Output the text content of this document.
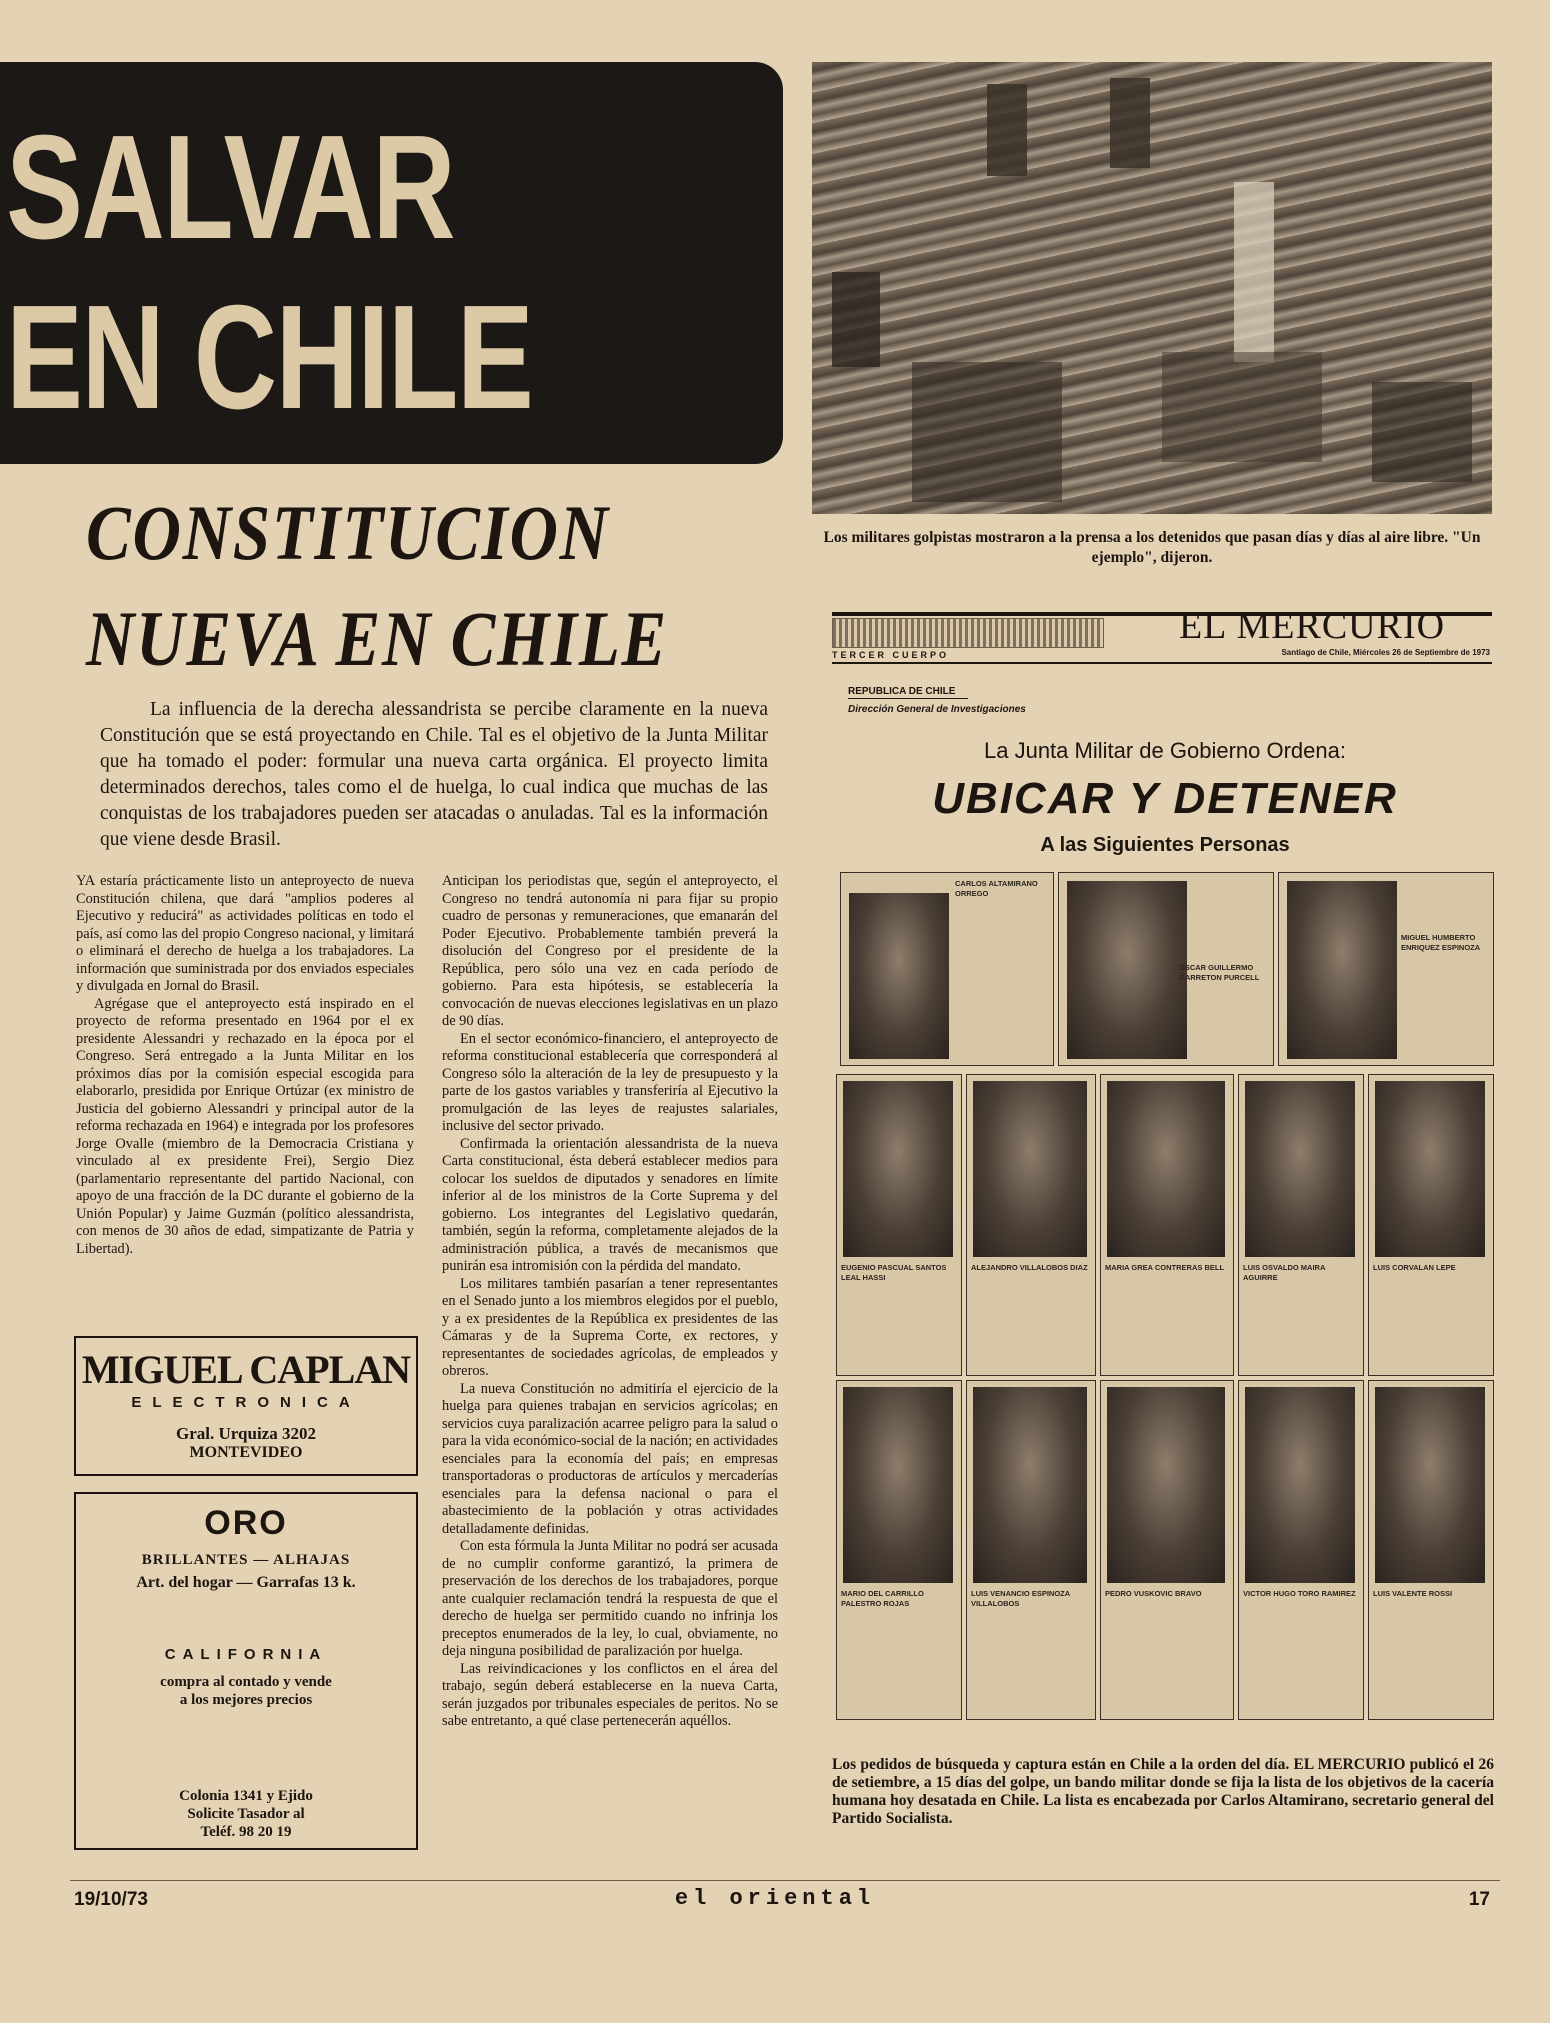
SALVAR
EN CHILE
CONSTITUCION
NUEVA EN CHILE
La influencia de la derecha alessandrista se percibe claramente en la nueva Constitución que se está proyectando en Chile. Tal es el objetivo de la Junta Militar que ha tomado el poder: formular una nueva carta orgánica. El proyecto limita determinados derechos, tales como el de huelga, lo cual indica que muchas de las conquistas de los trabajadores pueden ser atacadas o anuladas. Tal es la información que viene desde Brasil.

YA estaría prácticamente listo un anteproyecto de nueva Constitución chilena, que dará "amplios poderes al Ejecutivo y reducirá" as actividades políticas en todo el país, así como las del propio Congreso nacional, y limitará o eliminará el derecho de huelga a los trabajadores. La información que suministrada por dos enviados especiales y divulgada en Jornal do Brasil.

Agrégase que el anteproyecto está inspirado en el proyecto de reforma presentado en 1964 por el ex presidente Alessandri y rechazado en la época por el Congreso. Será entregado a la Junta Militar en los próximos días por la comisión especial escogida para elaborarlo, presidida por Enrique Ortúzar (ex ministro de Justicia del gobierno Alessandri y principal autor de la reforma rechazada en 1964) e integrada por los profesores Jorge Ovalle (miembro de la Democracia Cristiana y vinculado al ex presidente Frei), Sergio Diez (parlamentario representante del partido Nacional, con apoyo de una fracción de la DC durante el gobierno de la Unión Popular) y Jaime Guzmán (político alessandrista, con menos de 30 años de edad, simpatizante de Patria y Libertad).

Anticipan los periodistas que, según el anteproyecto, el Congreso no tendrá autonomía ni para fijar su propio cuadro de personas y remuneraciones, que emanarán del Poder Ejecutivo. Probablemente también preverá la disolución del Congreso por el presidente de la República, pero sólo una vez en cada período de gobierno. Para esta hipótesis, se establecería la convocación de nuevas elecciones legislativas en un plazo de 90 días.

En el sector económico-financiero, el anteproyecto de reforma constitucional establecería que corresponderá al Congreso sólo la alteración de la ley de presupuesto y la parte de los gastos variables y transferiría al Ejecutivo la promulgación de las leyes de reajustes salariales, inclusive del sector privado.

Confirmada la orientación alessandrista de la nueva Carta constitucional, ésta deberá establecer medios para colocar los sueldos de diputados y senadores en límite inferior al de los ministros de la Corte Suprema y del gobierno. Los integrantes del Legislativo quedarán, también, según la reforma, completamente alejados de la administración pública, a través de mecanismos que punirán esa intromisión con la pérdida del mandato.

Los militares también pasarían a tener representantes en el Senado junto a los miembros elegidos por el pueblo, y a ex presidentes de la República ex presidentes de las Cámaras y de la Suprema Corte, ex rectores, y representantes de sociedades agrícolas, de empleados y obreros.

La nueva Constitución no admitiría el ejercicio de la huelga para quienes trabajan en servicios agrícolas; en servicios cuya paralización acarree peligro para la salud o para la vida económico-social de la nación; en actividades esenciales para la economía del país; en empresas transportadoras o productoras de artículos y mercaderías esenciales para la defensa nacional o para el abastecimiento de la población y otras actividades detalladamente definidas.

Con esta fórmula la Junta Militar no podrá ser acusada de no cumplir conforme garantizó, la primera de preservación de los derechos de los trabajadores, porque ante cualquier reclamación tendrá la respuesta de que el derecho de huelga ser permitido cuando no infrinja los preceptos enumerados de la ley, lo cual, obviamente, no deja ninguna posibilidad de paralización por huelga.

Las reivindicaciones y los conflictos en el área del trabajo, según deberá establecerse en la nueva Carta, serán juzgados por tribunales especiales de peritos. No se sabe entretanto, a qué clase pertenecerán aquéllos.

MIGUEL CAPLAN
ELECTRONICA
Gral. Urquiza 3202
MONTEVIDEO
ORO
BRILLANTES — ALHAJAS
Art. del hogar — Garrafas 13 k.
CALIFORNIA
compra al contado y vende
a los mejores precios
Colonia 1341 y Ejido
Solicite Tasador al
Teléf. 98 20 19
Los militares golpistas mostraron a la prensa a los detenidos que pasan días y días al aire libre. "Un ejemplo", dijeron.
EL MERCURIO
TERCER CUERPO	Santiago de Chile, Miércoles 26 de Septiembre de 1973
REPUBLICA DE CHILE
Dirección General de Investigaciones
La Junta Militar de Gobierno Ordena:
UBICAR Y DETENER
A las Siguientes Personas
CARLOS ALTAMIRANO ORREGO
OSCAR GUILLERMO GARRETON PURCELL
MIGUEL HUMBERTO ENRIQUEZ ESPINOZA
EUGENIO PASCUAL SANTOS LEAL HASSI
ALEJANDRO VILLALOBOS DIAZ	MARIA GREA CONTRERAS BELL	LUIS OSVALDO MAIRA AGUIRRE
LUIS CORVALAN LEPE
MARIO DEL CARRILLO PALESTRO ROJAS
LUIS VENANCIO ESPINOZA VILLALOBOS
PEDRO VUSKOVIC BRAVO	VICTOR HUGO TORO RAMIREZ	LUIS VALENTE ROSSI
Los pedidos de búsqueda y captura están en Chile a la orden del día. EL MERCURIO publicó el 26 de setiembre, a 15 días del golpe, un bando militar donde se fija la lista de los objetivos de la cacería humana hoy desatada en Chile. La lista es encabezada por Carlos Altamirano, secretario general del Partido Socialista.
19/10/73	el oriental	17
